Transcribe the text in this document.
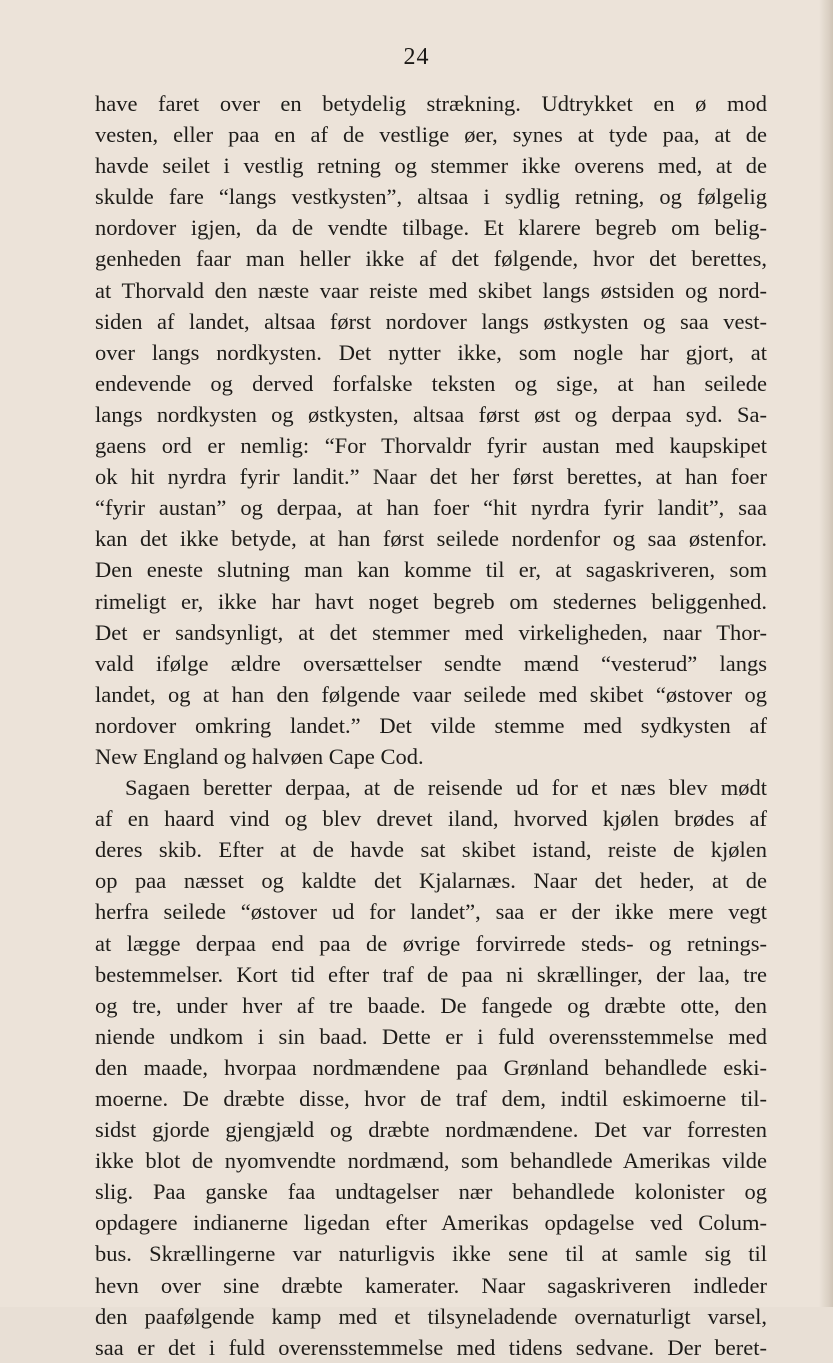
24
have faret over en betydelig strækning. Udtrykket en ø mod
vesten, eller paa en af de vestlige øer, synes at tyde paa, at de
havde seilet i vestlig retning og stemmer ikke overens med, at de
skulde fare “langs vestkysten”, altsaa i sydlig retning, og følgelig
nordover igjen, da de vendte tilbage. Et klarere begreb om belig-
genheden faar man heller ikke af det følgende, hvor det berettes,
at Thorvald den næste vaar reiste med skibet langs østsiden og nord-
siden af landet, altsaa først nordover langs østkysten og saa vest-
over langs nordkysten. Det nytter ikke, som nogle har gjort, at
endevende og derved forfalske teksten og sige, at han seilede
langs nordkysten og østkysten, altsaa først øst og derpaa syd. Sa-
gaens ord er nemlig: “For Thorvaldr fyrir austan med kaupskipet
ok hit nyrdra fyrir landit.” Naar det her først berettes, at han foer
“fyrir austan” og derpaa, at han foer “hit nyrdra fyrir landit”, saa
kan det ikke betyde, at han først seilede nordenfor og saa østenfor.
Den eneste slutning man kan komme til er, at sagaskriveren, som
rimeligt er, ikke har havt noget begreb om stedernes beliggenhed.
Det er sandsynligt, at det stemmer med virkeligheden, naar Thor-
vald ifølge ældre oversættelser sendte mænd “vesterud” langs
landet, og at han den følgende vaar seilede med skibet “østover og
nordover omkring landet.” Det vilde stemme med sydkysten af
New England og halvøen Cape Cod.
Sagaen beretter derpaa, at de reisende ud for et næs blev mødt
af en haard vind og blev drevet iland, hvorved kjølen brødes af
deres skib. Efter at de havde sat skibet istand, reiste de kjølen
op paa næsset og kaldte det Kjalarnæs. Naar det heder, at de
herfra seilede “østover ud for landet”, saa er der ikke mere vegt
at lægge derpaa end paa de øvrige forvirrede steds- og retnings-
bestemmelser. Kort tid efter traf de paa ni skrællinger, der laa, tre
og tre, under hver af tre baade. De fangede og dræbte otte, den
niende undkom i sin baad. Dette er i fuld overensstemmelse med
den maade, hvorpaa nordmændene paa Grønland behandlede eski-
moerne. De dræbte disse, hvor de traf dem, indtil eskimoerne til-
sidst gjorde gjengjæld og dræbte nordmændene. Det var forresten
ikke blot de nyomvendte nordmænd, som behandlede Amerikas vilde
slig. Paa ganske faa undtagelser nær behandlede kolonister og
opdagere indianerne ligedan efter Amerikas opdagelse ved Colum-
bus. Skrællingerne var naturligvis ikke sene til at samle sig til
hevn over sine dræbte kamerater. Naar sagaskriveren indleder
den paafølgende kamp med et tilsyneladende overnaturligt varsel,
saa er det i fuld overensstemmelse med tidens sedvane. Der beret-
